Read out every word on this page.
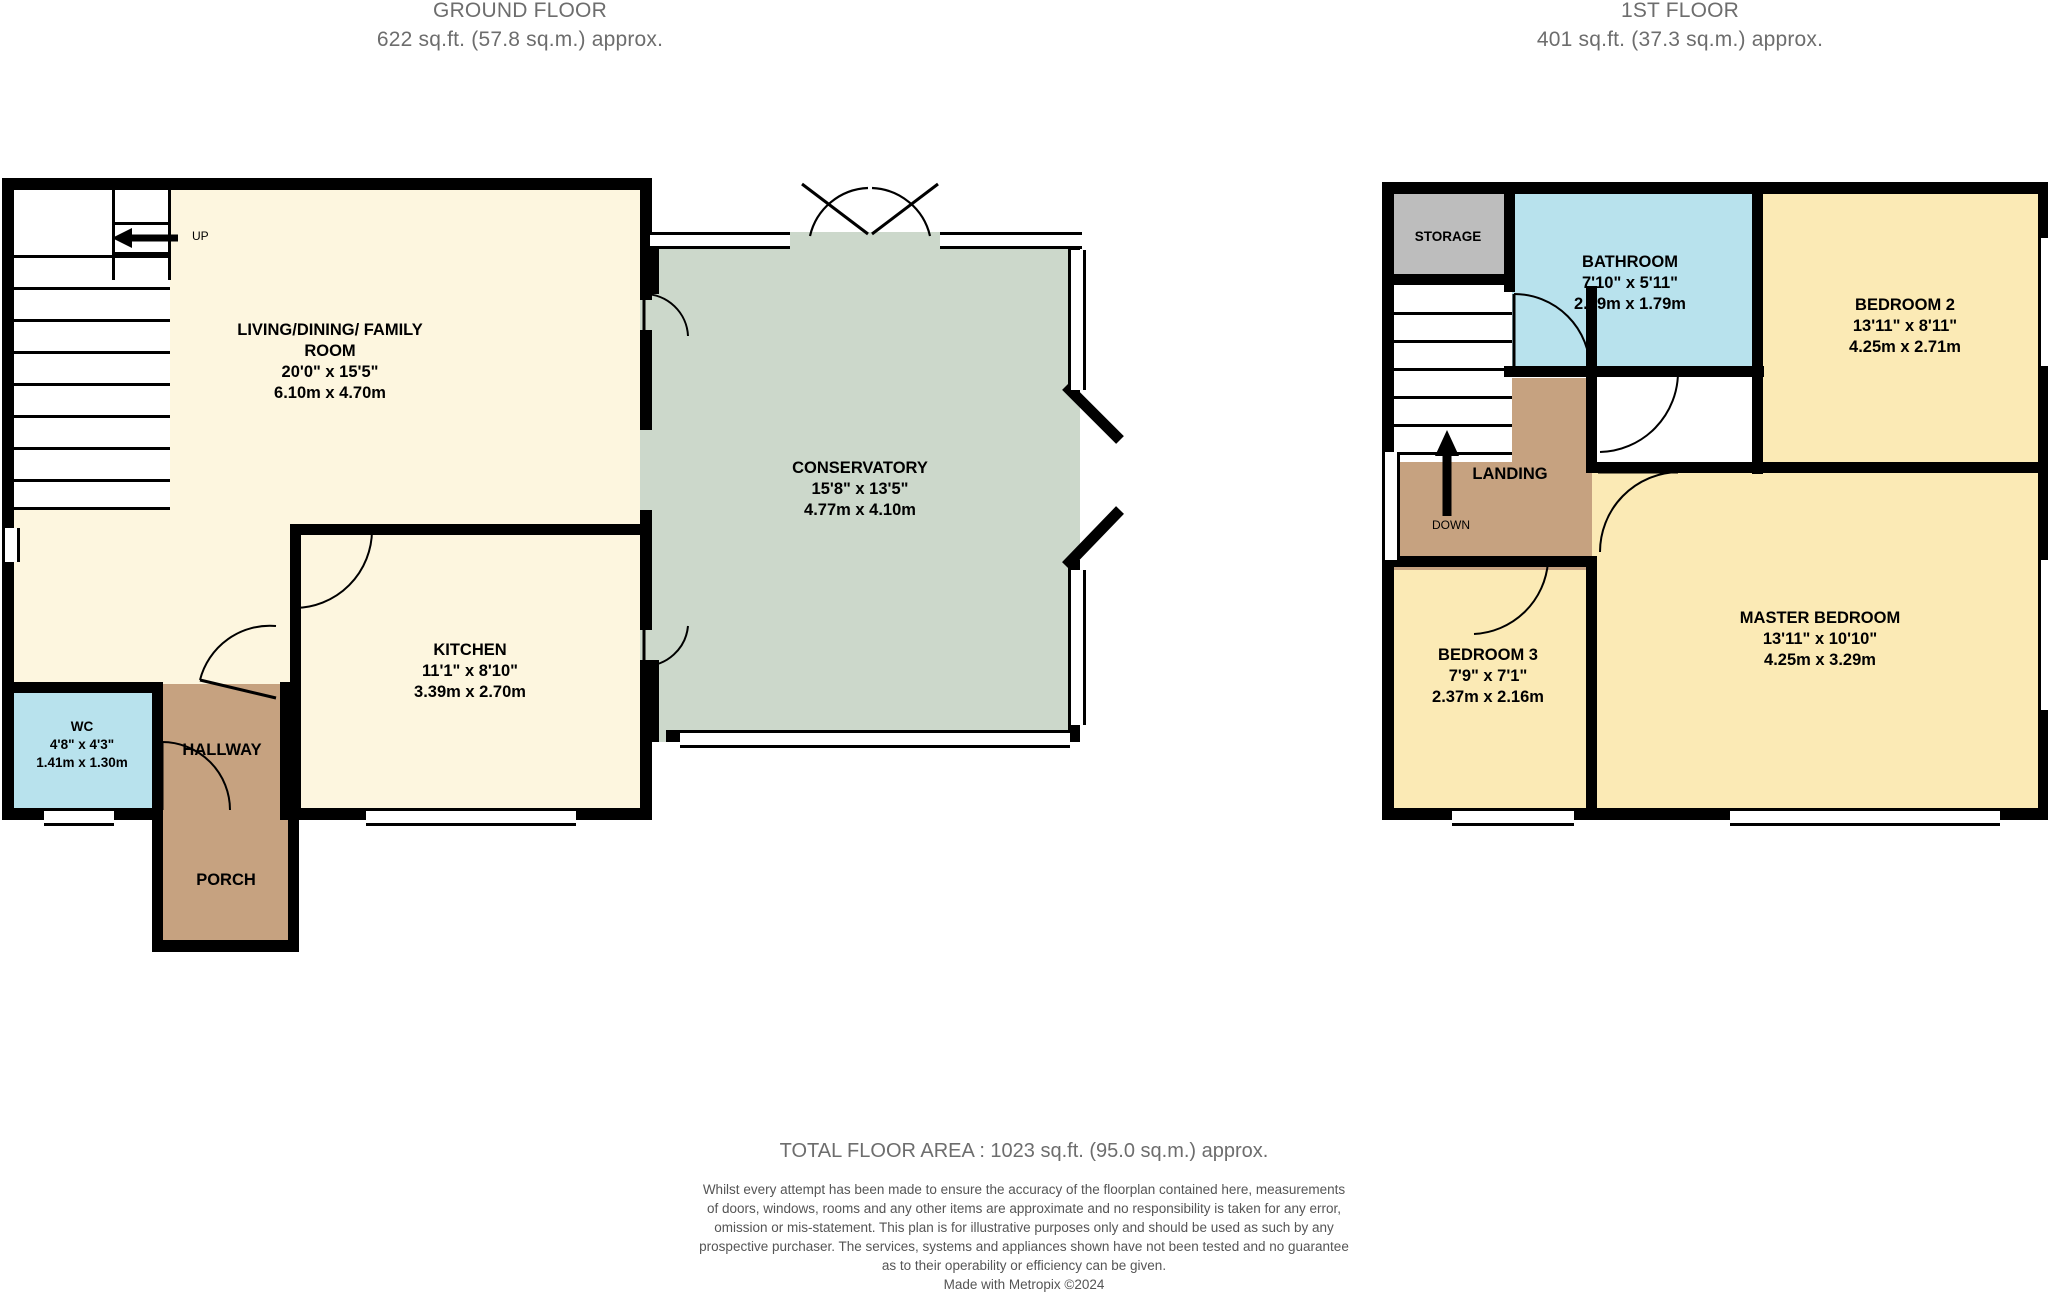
GROUND FLOOR
622 sq.ft. (57.8 sq.m.) approx.
1ST FLOOR
401 sq.ft. (37.3 sq.m.) approx.
UP
LIVING/DINING/ FAMILY
ROOM
20'0" x 15'5"
6.10m x 4.70m
CONSERVATORY
15'8" x 13'5"
4.77m x 4.10m
KITCHEN
11'1" x 8'10"
3.39m x 2.70m
WC
4'8" x 4'3"
1.41m x 1.30m
HALLWAY
PORCH
DOWN
STORAGE
BATHROOM
7'10" x 5'11"
2.39m x 1.79m	BEDROOM 2
13'11" x 8'11"
4.25m x 2.71m
MASTER BEDROOM
13'11" x 10'10"
4.25m x 3.29m
BEDROOM 3
7'9" x 7'1"
2.37m x 2.16m
LANDING
TOTAL FLOOR AREA : 1023 sq.ft. (95.0 sq.m.) approx.
Whilst every attempt has been made to ensure the accuracy of the floorplan contained here, measurements
of doors, windows, rooms and any other items are approximate and no responsibility is taken for any error,
omission or mis-statement. This plan is for illustrative purposes only and should be used as such by any
prospective purchaser. The services, systems and appliances shown have not been tested and no guarantee
as to their operability or efficiency can be given.
Made with Metropix ©2024
